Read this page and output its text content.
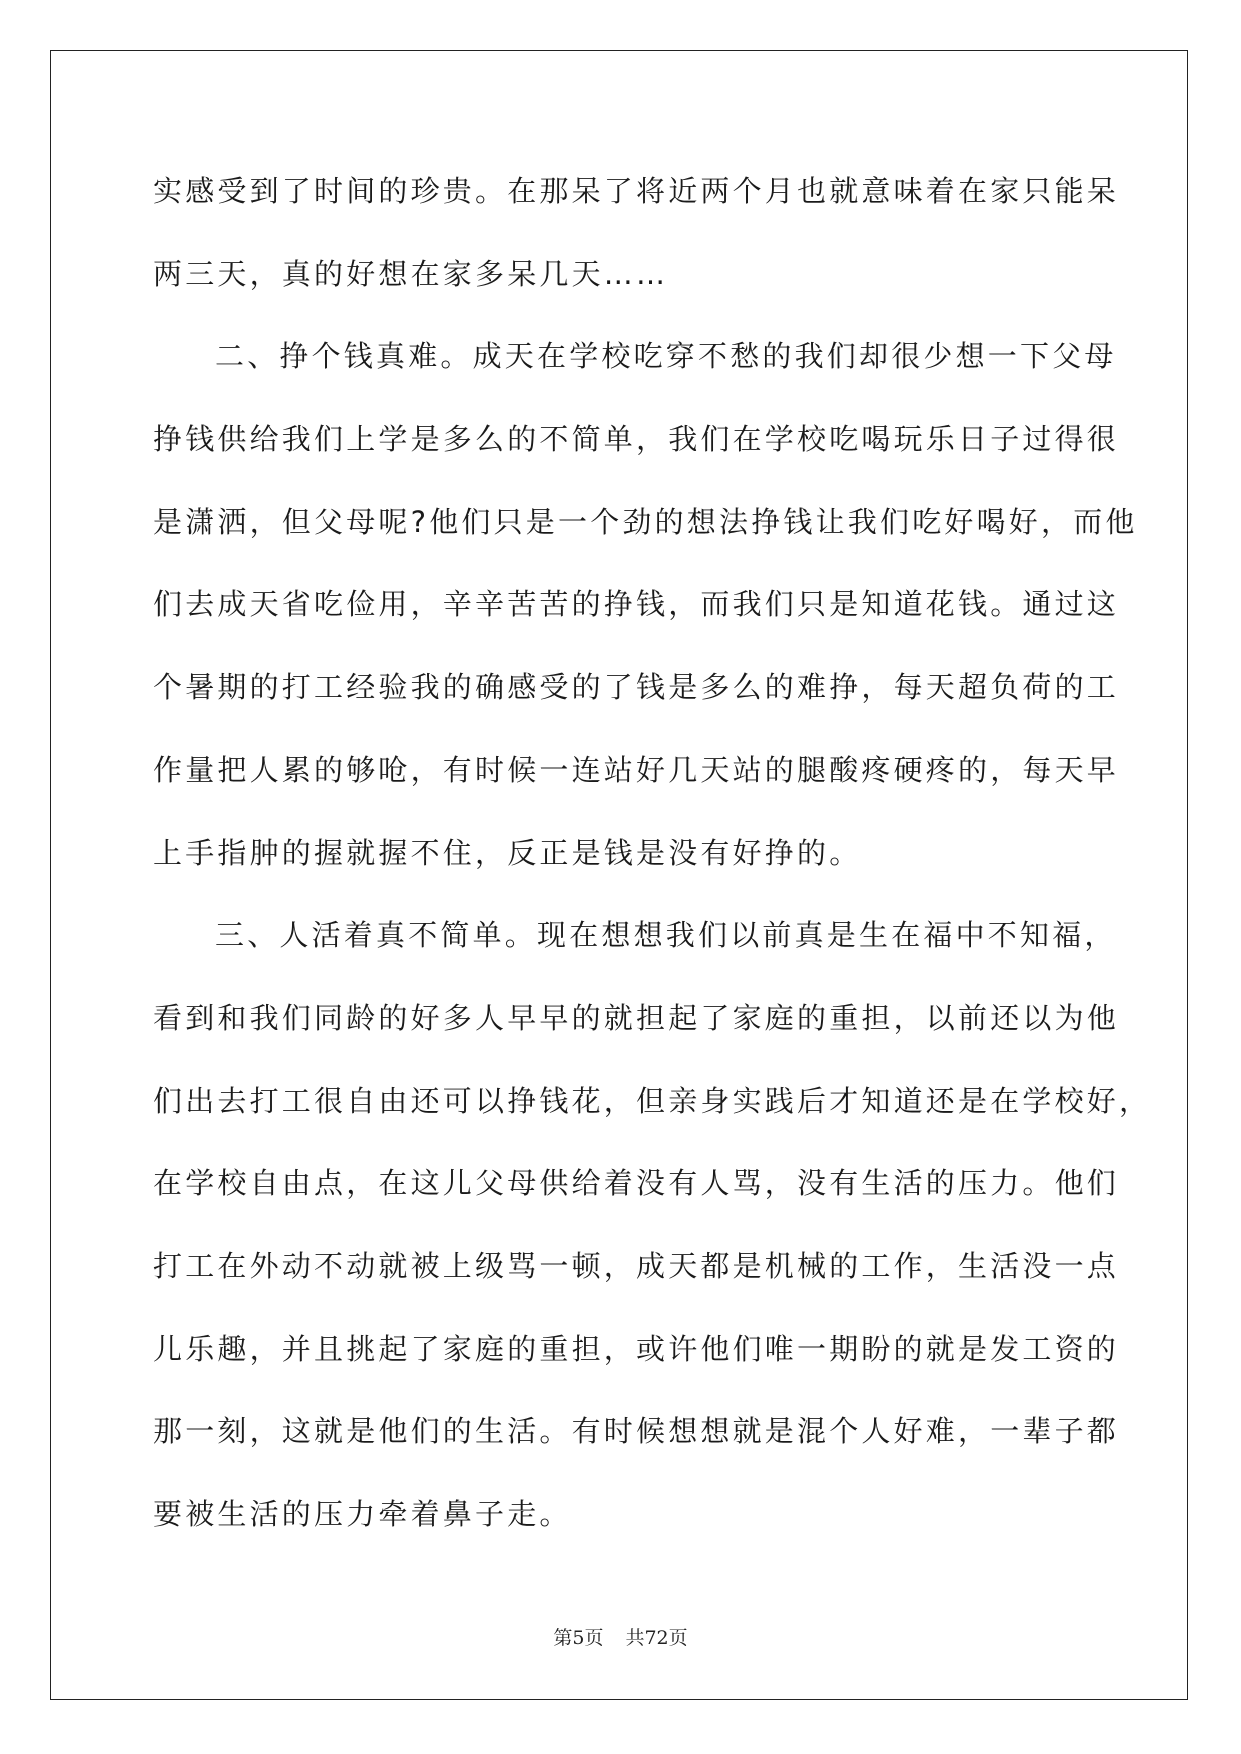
实感受到了时间的珍贵。在那呆了将近两个月也就意味着在家只能呆
两三天，真的好想在家多呆几天……
二、挣个钱真难。成天在学校吃穿不愁的我们却很少想一下父母
挣钱供给我们上学是多么的不简单，我们在学校吃喝玩乐日子过得很
是潇洒，但父母呢?他们只是一个劲的想法挣钱让我们吃好喝好，而他
们去成天省吃俭用，辛辛苦苦的挣钱，而我们只是知道花钱。通过这
个暑期的打工经验我的确感受的了钱是多么的难挣，每天超负荷的工
作量把人累的够呛，有时候一连站好几天站的腿酸疼硬疼的，每天早
上手指肿的握就握不住，反正是钱是没有好挣的。
三、人活着真不简单。现在想想我们以前真是生在福中不知福，
看到和我们同龄的好多人早早的就担起了家庭的重担，以前还以为他
们出去打工很自由还可以挣钱花，但亲身实践后才知道还是在学校好，
在学校自由点，在这儿父母供给着没有人骂，没有生活的压力。他们
打工在外动不动就被上级骂一顿，成天都是机械的工作，生活没一点
儿乐趣，并且挑起了家庭的重担，或许他们唯一期盼的就是发工资的
那一刻，这就是他们的生活。有时候想想就是混个人好难，一辈子都
要被生活的压力牵着鼻子走。
第5页 共72页
